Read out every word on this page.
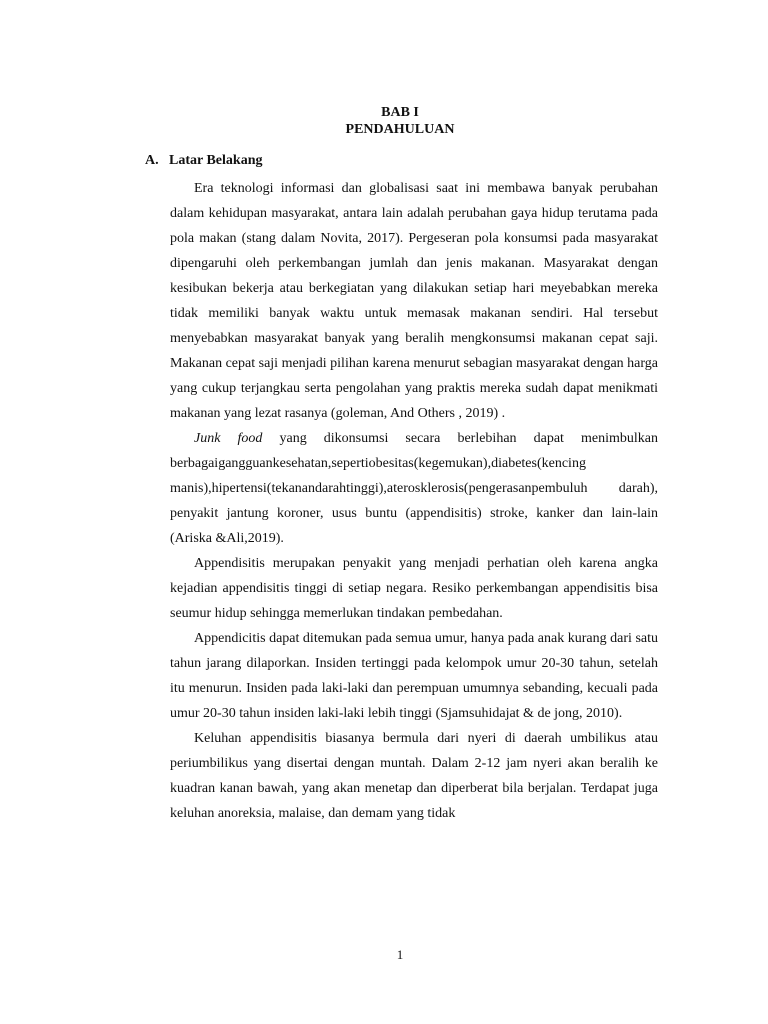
BAB I
PENDAHULUAN
A. Latar Belakang

Era teknologi informasi dan globalisasi saat ini membawa banyak perubahan dalam kehidupan masyarakat, antara lain adalah perubahan gaya hidup terutama pada pola makan (stang dalam Novita, 2017). Pergeseran pola konsumsi pada masyarakat dipengaruhi oleh perkembangan jumlah dan jenis makanan. Masyarakat dengan kesibukan bekerja atau berkegiatan yang dilakukan setiap hari meyebabkan mereka tidak memiliki banyak waktu untuk memasak makanan sendiri. Hal tersebut menyebabkan masyarakat banyak yang beralih mengkonsumsi makanan cepat saji. Makanan cepat saji menjadi pilihan karena menurut sebagian masyarakat dengan harga yang cukup terjangkau serta pengolahan yang praktis mereka sudah dapat menikmati makanan yang lezat rasanya (goleman, And Others , 2019) .

Junk food yang dikonsumsi secara berlebihan dapat menimbulkan berbagaigangguankesehatan,sepertiobesitas(kegemukan),diabetes(kencing manis),hipertensi(tekanandarahtinggi),aterosklerosis(pengerasanpembuluh darah), penyakit jantung koroner, usus buntu (appendisitis) stroke, kanker dan lain-lain (Ariska &Ali,2019).

Appendisitis merupakan penyakit yang menjadi perhatian oleh karena angka kejadian appendisitis tinggi di setiap negara. Resiko perkembangan appendisitis bisa seumur hidup sehingga memerlukan tindakan pembedahan.

Appendicitis dapat ditemukan pada semua umur, hanya pada anak kurang dari satu tahun jarang dilaporkan. Insiden tertinggi pada kelompok umur 20-30 tahun, setelah itu menurun. Insiden pada laki-laki dan perempuan umumnya sebanding, kecuali pada umur 20-30 tahun insiden laki-laki lebih tinggi (Sjamsuhidajat & de jong, 2010).

Keluhan appendisitis biasanya bermula dari nyeri di daerah umbilikus atau periumbilikus yang disertai dengan muntah. Dalam 2-12 jam nyeri akan beralih ke kuadran kanan bawah, yang akan menetap dan diperberat bila berjalan. Terdapat juga keluhan anoreksia, malaise, dan demam yang tidak

1
